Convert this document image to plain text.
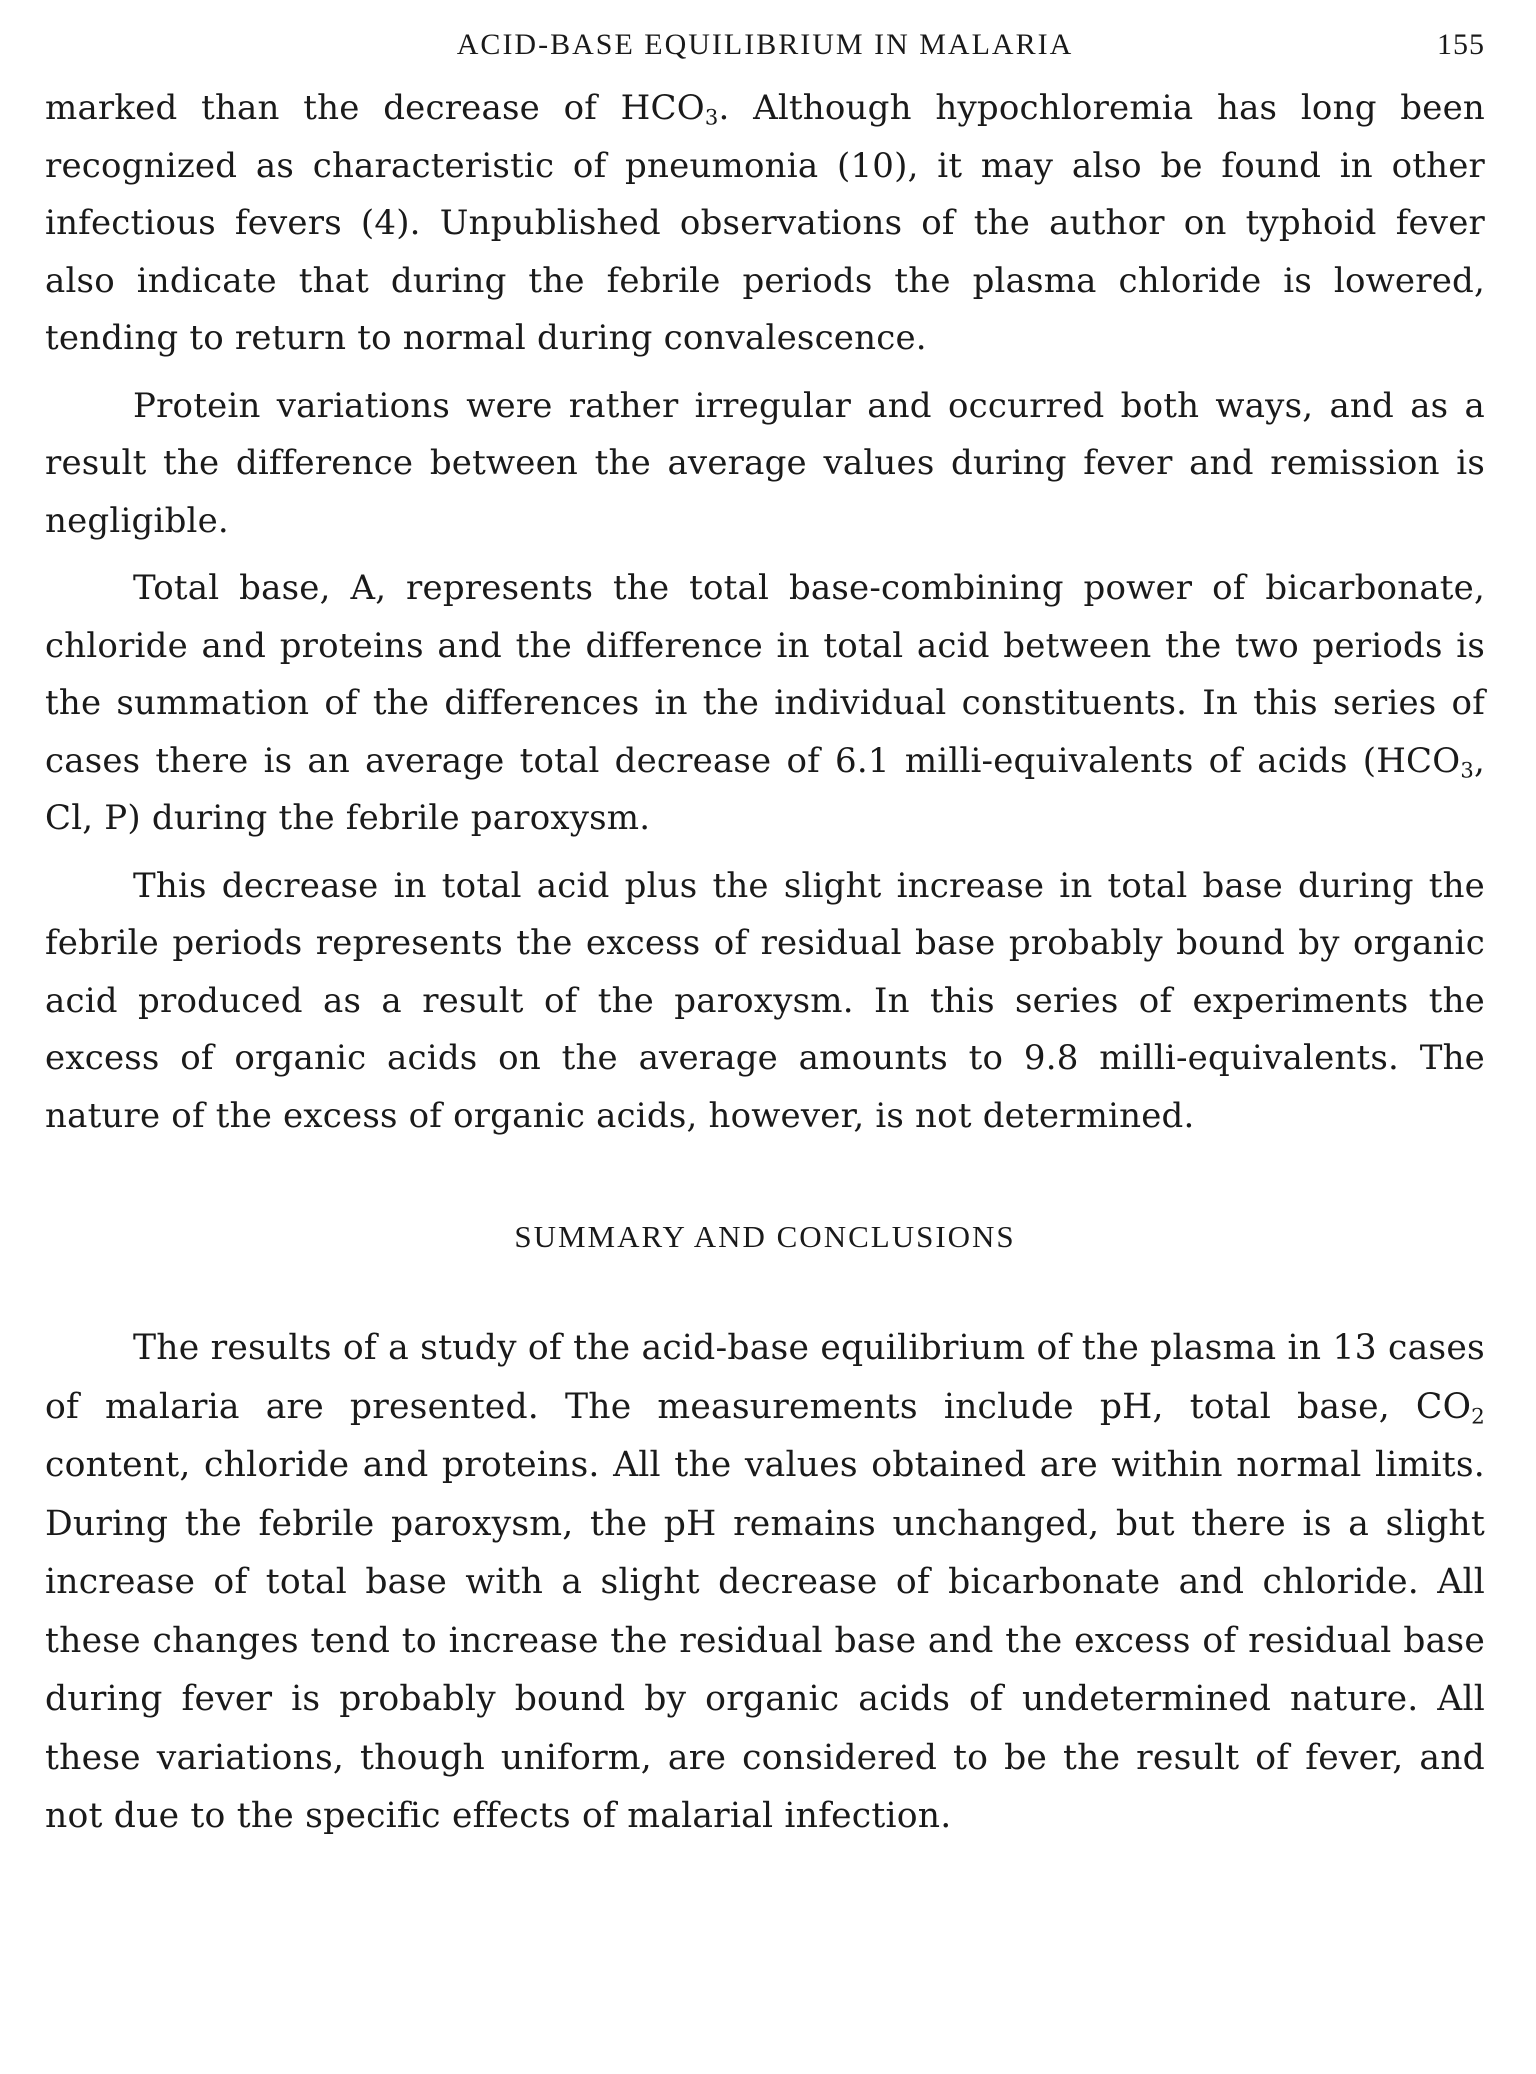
ACID-BASE EQUILIBRIUM IN MALARIA	155

marked than the decrease of $HCO_3$. Although hypochloremia has long been recognized as characteristic of pneumonia (10), it may also be found in other infectious fevers (4). Unpublished observations of the author on typhoid fever also indicate that during the febrile periods the plasma chloride is lowered, tending to return to normal during convalescence.

Protein variations were rather irregular and occurred both ways, and as a result the difference between the average values during fever and remission is negligible.

Total base, A, represents the total base-combining power of bicarbonate, chloride and proteins and the difference in total acid between the two periods is the summation of the differences in the individual constituents. In this series of cases there is an average total decrease of 6.1 milli-equivalents of acids ($HCO_3$, Cl, P) during the febrile paroxysm.

This decrease in total acid plus the slight increase in total base during the febrile periods represents the excess of residual base probably bound by organic acid produced as a result of the paroxysm. In this series of experiments the excess of organic acids on the average amounts to 9.8 milli-equivalents. The nature of the excess of organic acids, however, is not determined.

SUMMARY AND CONCLUSIONS

The results of a study of the acid-base equilibrium of the plasma in 13 cases of malaria are presented. The measurements include pH, total base, $CO_2$ content, chloride and proteins. All the values obtained are within normal limits. During the febrile paroxysm, the pH remains unchanged, but there is a slight increase of total base with a slight decrease of bicarbonate and chloride. All these changes tend to increase the residual base and the excess of residual base during fever is probably bound by organic acids of undetermined nature. All these variations, though uniform, are considered to be the result of fever, and not due to the specific effects of malarial infection.
